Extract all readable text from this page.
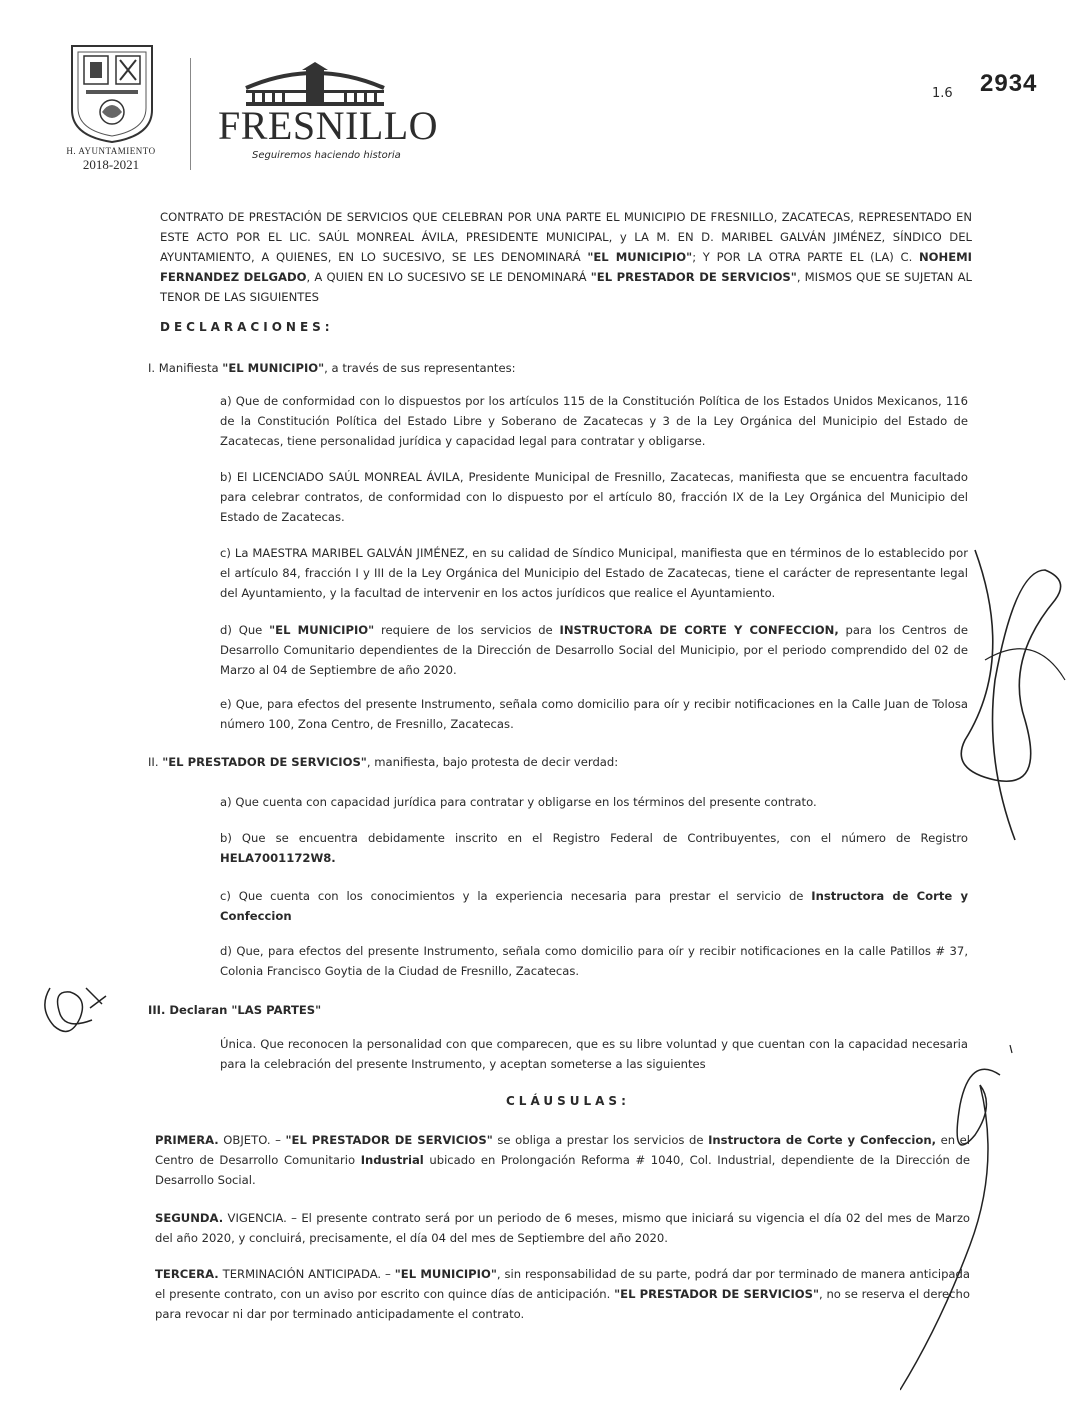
H. AYUNTAMIENTO
2018-2021
FRESNILLO
Seguiremos haciendo historia
1.6 2934
CONTRATO DE PRESTACIÓN DE SERVICIOS QUE CELEBRAN POR UNA PARTE EL MUNICIPIO DE FRESNILLO, ZACATECAS, REPRESENTADO EN ESTE ACTO POR EL LIC. SAÚL MONREAL ÁVILA, PRESIDENTE MUNICIPAL, y LA M. EN D. MARIBEL GALVÁN JIMÉNEZ, SÍNDICO DEL AYUNTAMIENTO, A QUIENES, EN LO SUCESIVO, SE LES DENOMINARÁ "EL MUNICIPIO"; Y POR LA OTRA PARTE EL (LA) C. NOHEMI FERNANDEZ DELGADO, A QUIEN EN LO SUCESIVO SE LE DENOMINARÁ "EL PRESTADOR DE SERVICIOS", MISMOS QUE SE SUJETAN AL TENOR DE LAS SIGUIENTES
DECLARACIONES:
I. Manifiesta "EL MUNICIPIO", a través de sus representantes:
a) Que de conformidad con lo dispuestos por los artículos 115 de la Constitución Política de los Estados Unidos Mexicanos, 116 de la Constitución Política del Estado Libre y Soberano de Zacatecas y 3 de la Ley Orgánica del Municipio del Estado de Zacatecas, tiene personalidad jurídica y capacidad legal para contratar y obligarse.
b) El LICENCIADO SAÚL MONREAL ÁVILA, Presidente Municipal de Fresnillo, Zacatecas, manifiesta que se encuentra facultado para celebrar contratos, de conformidad con lo dispuesto por el artículo 80, fracción IX de la Ley Orgánica del Municipio del Estado de Zacatecas.
c) La MAESTRA MARIBEL GALVÁN JIMÉNEZ, en su calidad de Síndico Municipal, manifiesta que en términos de lo establecido por el artículo 84, fracción I y III de la Ley Orgánica del Municipio del Estado de Zacatecas, tiene el carácter de representante legal del Ayuntamiento, y la facultad de intervenir en los actos jurídicos que realice el Ayuntamiento.
d) Que "EL MUNICIPIO" requiere de los servicios de INSTRUCTORA DE CORTE Y CONFECCION, para los Centros de Desarrollo Comunitario dependientes de la Dirección de Desarrollo Social del Municipio, por el periodo comprendido del 02 de Marzo al 04 de Septiembre de año 2020.
e) Que, para efectos del presente Instrumento, señala como domicilio para oír y recibir notificaciones en la Calle Juan de Tolosa número 100, Zona Centro, de Fresnillo, Zacatecas.
II. "EL PRESTADOR DE SERVICIOS", manifiesta, bajo protesta de decir verdad:
a) Que cuenta con capacidad jurídica para contratar y obligarse en los términos del presente contrato.
b) Que se encuentra debidamente inscrito en el Registro Federal de Contribuyentes, con el número de Registro HELA7001172W8.
c) Que cuenta con los conocimientos y la experiencia necesaria para prestar el servicio de Instructora de Corte y Confeccion
d) Que, para efectos del presente Instrumento, señala como domicilio para oír y recibir notificaciones en la calle Patillos # 37, Colonia Francisco Goytia de la Ciudad de Fresnillo, Zacatecas.
III. Declaran "LAS PARTES"
Única. Que reconocen la personalidad con que comparecen, que es su libre voluntad y que cuentan con la capacidad necesaria para la celebración del presente Instrumento, y aceptan someterse a las siguientes
CLÁUSULAS:
PRIMERA. OBJETO. – "EL PRESTADOR DE SERVICIOS" se obliga a prestar los servicios de Instructora de Corte y Confeccion, en el Centro de Desarrollo Comunitario Industrial ubicado en Prolongación Reforma # 1040, Col. Industrial, dependiente de la Dirección de Desarrollo Social.
SEGUNDA. VIGENCIA. – El presente contrato será por un periodo de 6 meses, mismo que iniciará su vigencia el día 02 del mes de Marzo del año 2020, y concluirá, precisamente, el día 04 del mes de Septiembre del año 2020.
TERCERA. TERMINACIÓN ANTICIPADA. – "EL MUNICIPIO", sin responsabilidad de su parte, podrá dar por terminado de manera anticipada el presente contrato, con un aviso por escrito con quince días de anticipación. "EL PRESTADOR DE SERVICIOS", no se reserva el derecho para revocar ni dar por terminado anticipadamente el contrato.
